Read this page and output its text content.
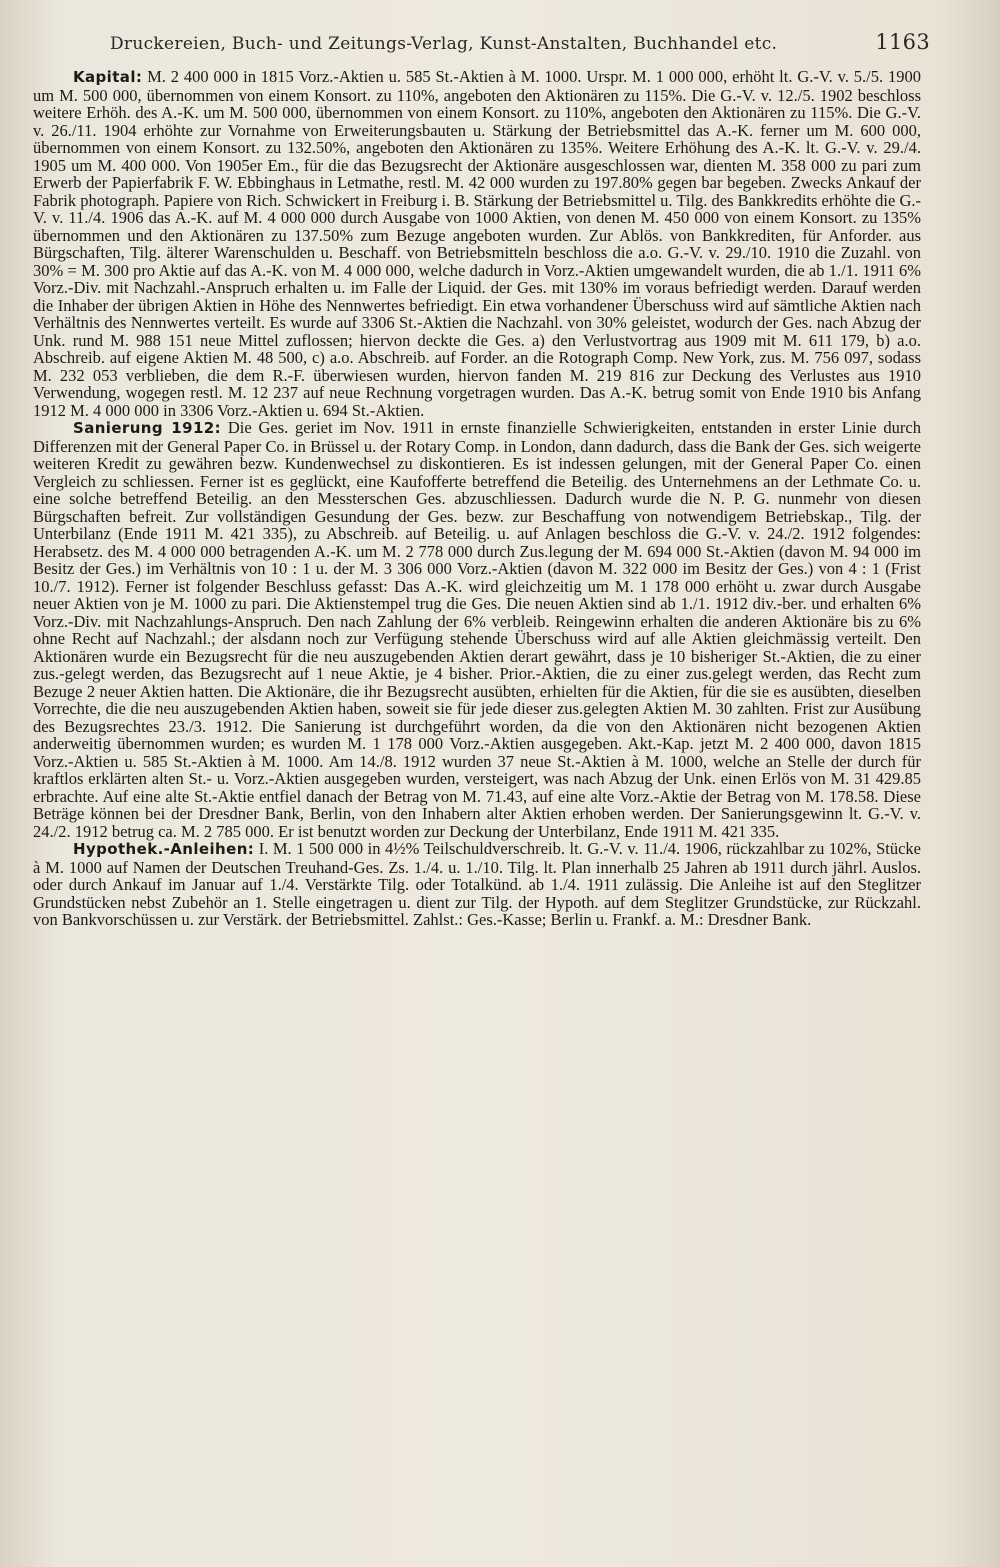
Druckereien, Buch- und Zeitungs-Verlag, Kunst-Anstalten, Buchhandel etc.	1163

Kapital: M. 2 400 000 in 1815 Vorz.-Aktien u. 585 St.-Aktien à M. 1000. Urspr. M. 1 000 000, erhöht lt. G.-V. v. 5./5. 1900 um M. 500 000, übernommen von einem Konsort. zu 110%, angeboten den Aktionären zu 115%. Die G.-V. v. 12./5. 1902 beschloss weitere Erhöh. des A.-K. um M. 500 000, übernommen von einem Konsort. zu 110%, angeboten den Aktionären zu 115%. Die G.-V. v. 26./11. 1904 erhöhte zur Vornahme von Erweiterungsbauten u. Stärkung der Betriebsmittel das A.-K. ferner um M. 600 000, übernommen von einem Konsort. zu 132.50%, angeboten den Aktionären zu 135%. Weitere Erhöhung des A.-K. lt. G.-V. v. 29./4. 1905 um M. 400 000. Von 1905er Em., für die das Bezugsrecht der Aktionäre ausgeschlossen war, dienten M. 358 000 zu pari zum Erwerb der Papierfabrik F. W. Ebbinghaus in Letmathe, restl. M. 42 000 wurden zu 197.80% gegen bar begeben. Zwecks Ankauf der Fabrik photograph. Papiere von Rich. Schwickert in Freiburg i. B. Stärkung der Betriebsmittel u. Tilg. des Bankkredits erhöhte die G.-V. v. 11./4. 1906 das A.-K. auf M. 4 000 000 durch Ausgabe von 1000 Aktien, von denen M. 450 000 von einem Konsort. zu 135% übernommen und den Aktionären zu 137.50% zum Bezuge angeboten wurden. Zur Ablös. von Bankkrediten, für Anforder. aus Bürgschaften, Tilg. älterer Warenschulden u. Beschaff. von Betriebsmitteln beschloss die a.o. G.-V. v. 29./10. 1910 die Zuzahl. von 30% = M. 300 pro Aktie auf das A.-K. von M. 4 000 000, welche dadurch in Vorz.-Aktien umgewandelt wurden, die ab 1./1. 1911 6% Vorz.-Div. mit Nachzahl.-Anspruch erhalten u. im Falle der Liquid. der Ges. mit 130% im voraus befriedigt werden. Darauf werden die Inhaber der übrigen Aktien in Höhe des Nennwertes befriedigt. Ein etwa vorhandener Überschuss wird auf sämtliche Aktien nach Verhältnis des Nennwertes verteilt. Es wurde auf 3306 St.-Aktien die Nachzahl. von 30% geleistet, wodurch der Ges. nach Abzug der Unk. rund M. 988 151 neue Mittel zuflossen; hiervon deckte die Ges. a) den Verlustvortrag aus 1909 mit M. 611 179, b) a.o. Abschreib. auf eigene Aktien M. 48 500, c) a.o. Abschreib. auf Forder. an die Rotograph Comp. New York, zus. M. 756 097, sodass M. 232 053 verblieben, die dem R.-F. überwiesen wurden, hiervon fanden M. 219 816 zur Deckung des Verlustes aus 1910 Verwendung, wogegen restl. M. 12 237 auf neue Rechnung vorgetragen wurden. Das A.-K. betrug somit von Ende 1910 bis Anfang 1912 M. 4 000 000 in 3306 Vorz.-Aktien u. 694 St.-Aktien.

Sanierung 1912: Die Ges. geriet im Nov. 1911 in ernste finanzielle Schwierigkeiten, entstanden in erster Linie durch Differenzen mit der General Paper Co. in Brüssel u. der Rotary Comp. in London, dann dadurch, dass die Bank der Ges. sich weigerte weiteren Kredit zu gewähren bezw. Kundenwechsel zu diskontieren. Es ist indessen gelungen, mit der General Paper Co. einen Vergleich zu schliessen. Ferner ist es geglückt, eine Kaufofferte betreffend die Beteilig. des Unternehmens an der Lethmate Co. u. eine solche betreffend Beteilig. an den Messterschen Ges. abzuschliessen. Dadurch wurde die N. P. G. nunmehr von diesen Bürgschaften befreit. Zur vollständigen Gesundung der Ges. bezw. zur Beschaffung von notwendigem Betriebskap., Tilg. der Unterbilanz (Ende 1911 M. 421 335), zu Abschreib. auf Beteilig. u. auf Anlagen beschloss die G.-V. v. 24./2. 1912 folgendes: Herabsetz. des M. 4 000 000 betragenden A.-K. um M. 2 778 000 durch Zus.legung der M. 694 000 St.-Aktien (davon M. 94 000 im Besitz der Ges.) im Verhältnis von 10 : 1 u. der M. 3 306 000 Vorz.-Aktien (davon M. 322 000 im Besitz der Ges.) von 4 : 1 (Frist 10./7. 1912). Ferner ist folgender Beschluss gefasst: Das A.-K. wird gleichzeitig um M. 1 178 000 erhöht u. zwar durch Ausgabe neuer Aktien von je M. 1000 zu pari. Die Aktienstempel trug die Ges. Die neuen Aktien sind ab 1./1. 1912 div.-ber. und erhalten 6% Vorz.-Div. mit Nachzahlungs-Anspruch. Den nach Zahlung der 6% verbleib. Reingewinn erhalten die anderen Aktionäre bis zu 6% ohne Recht auf Nachzahl.; der alsdann noch zur Verfügung stehende Überschuss wird auf alle Aktien gleichmässig verteilt. Den Aktionären wurde ein Bezugsrecht für die neu auszugebenden Aktien derart gewährt, dass je 10 bisheriger St.-Aktien, die zu einer zus.-gelegt werden, das Bezugsrecht auf 1 neue Aktie, je 4 bisher. Prior.-Aktien, die zu einer zus.gelegt werden, das Recht zum Bezuge 2 neuer Aktien hatten. Die Aktionäre, die ihr Bezugsrecht ausübten, erhielten für die Aktien, für die sie es ausübten, dieselben Vorrechte, die die neu auszugebenden Aktien haben, soweit sie für jede dieser zus.gelegten Aktien M. 30 zahlten. Frist zur Ausübung des Bezugsrechtes 23./3. 1912. Die Sanierung ist durchgeführt worden, da die von den Aktionären nicht bezogenen Aktien anderweitig übernommen wurden; es wurden M. 1 178 000 Vorz.-Aktien ausgegeben. Akt.-Kap. jetzt M. 2 400 000, davon 1815 Vorz.-Aktien u. 585 St.-Aktien à M. 1000. Am 14./8. 1912 wurden 37 neue St.-Aktien à M. 1000, welche an Stelle der durch für kraftlos erklärten alten St.- u. Vorz.-Aktien ausgegeben wurden, versteigert, was nach Abzug der Unk. einen Erlös von M. 31 429.85 erbrachte. Auf eine alte St.-Aktie entfiel danach der Betrag von M. 71.43, auf eine alte Vorz.-Aktie der Betrag von M. 178.58. Diese Beträge können bei der Dresdner Bank, Berlin, von den Inhabern alter Aktien erhoben werden. Der Sanierungsgewinn lt. G.-V. v. 24./2. 1912 betrug ca. M. 2 785 000. Er ist benutzt worden zur Deckung der Unterbilanz, Ende 1911 M. 421 335.

Hypothek.-Anleihen: I. M. 1 500 000 in 4½% Teilschuldverschreib. lt. G.-V. v. 11./4. 1906, rückzahlbar zu 102%, Stücke à M. 1000 auf Namen der Deutschen Treuhand-Ges. Zs. 1./4. u. 1./10. Tilg. lt. Plan innerhalb 25 Jahren ab 1911 durch jährl. Auslos. oder durch Ankauf im Januar auf 1./4. Verstärkte Tilg. oder Totalkünd. ab 1./4. 1911 zulässig. Die Anleihe ist auf den Steglitzer Grundstücken nebst Zubehör an 1. Stelle eingetragen u. dient zur Tilg. der Hypoth. auf dem Steglitzer Grundstücke, zur Rückzahl. von Bankvorschüssen u. zur Verstärk. der Betriebsmittel. Zahlst.: Ges.-Kasse; Berlin u. Frankf. a. M.: Dresdner Bank.
